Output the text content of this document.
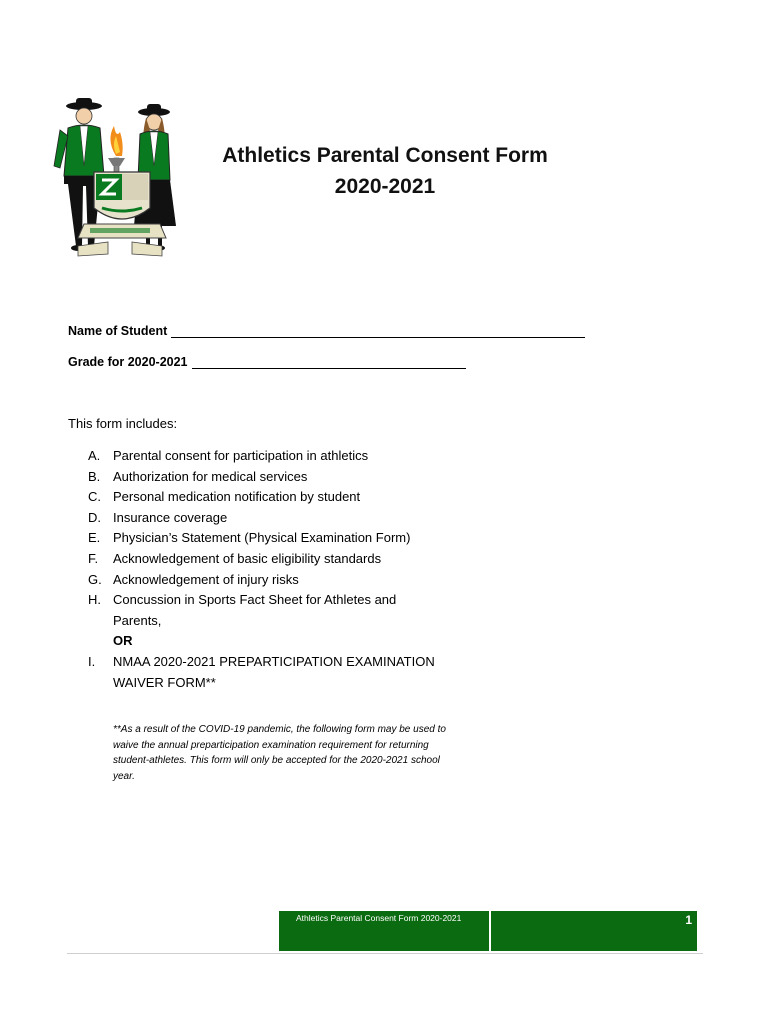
Athletics Parental Consent Form
2020-2021
Name of Student
Grade for 2020-2021
This form includes:
A. Parental consent for participation in athletics
B. Authorization for medical services
C. Personal medication notification by student
D. Insurance coverage
E. Physician’s Statement (Physical Examination Form)
F.	Acknowledgement of basic eligibility standards
G. Acknowledgement of injury risks
H. Concussion in Sports Fact Sheet for Athletes and Parents,
OR
I.	NMAA 2020-2021 PREPARTICIPATION EXAMINATION WAIVER FORM**
**As a result of the COVID-19 pandemic, the following form may be used to waive the annual preparticipation examination requirement for returning student-athletes. This form will only be accepted for the 2020-2021 school year.
Athletics Parental Consent Form 2020-2021	1
